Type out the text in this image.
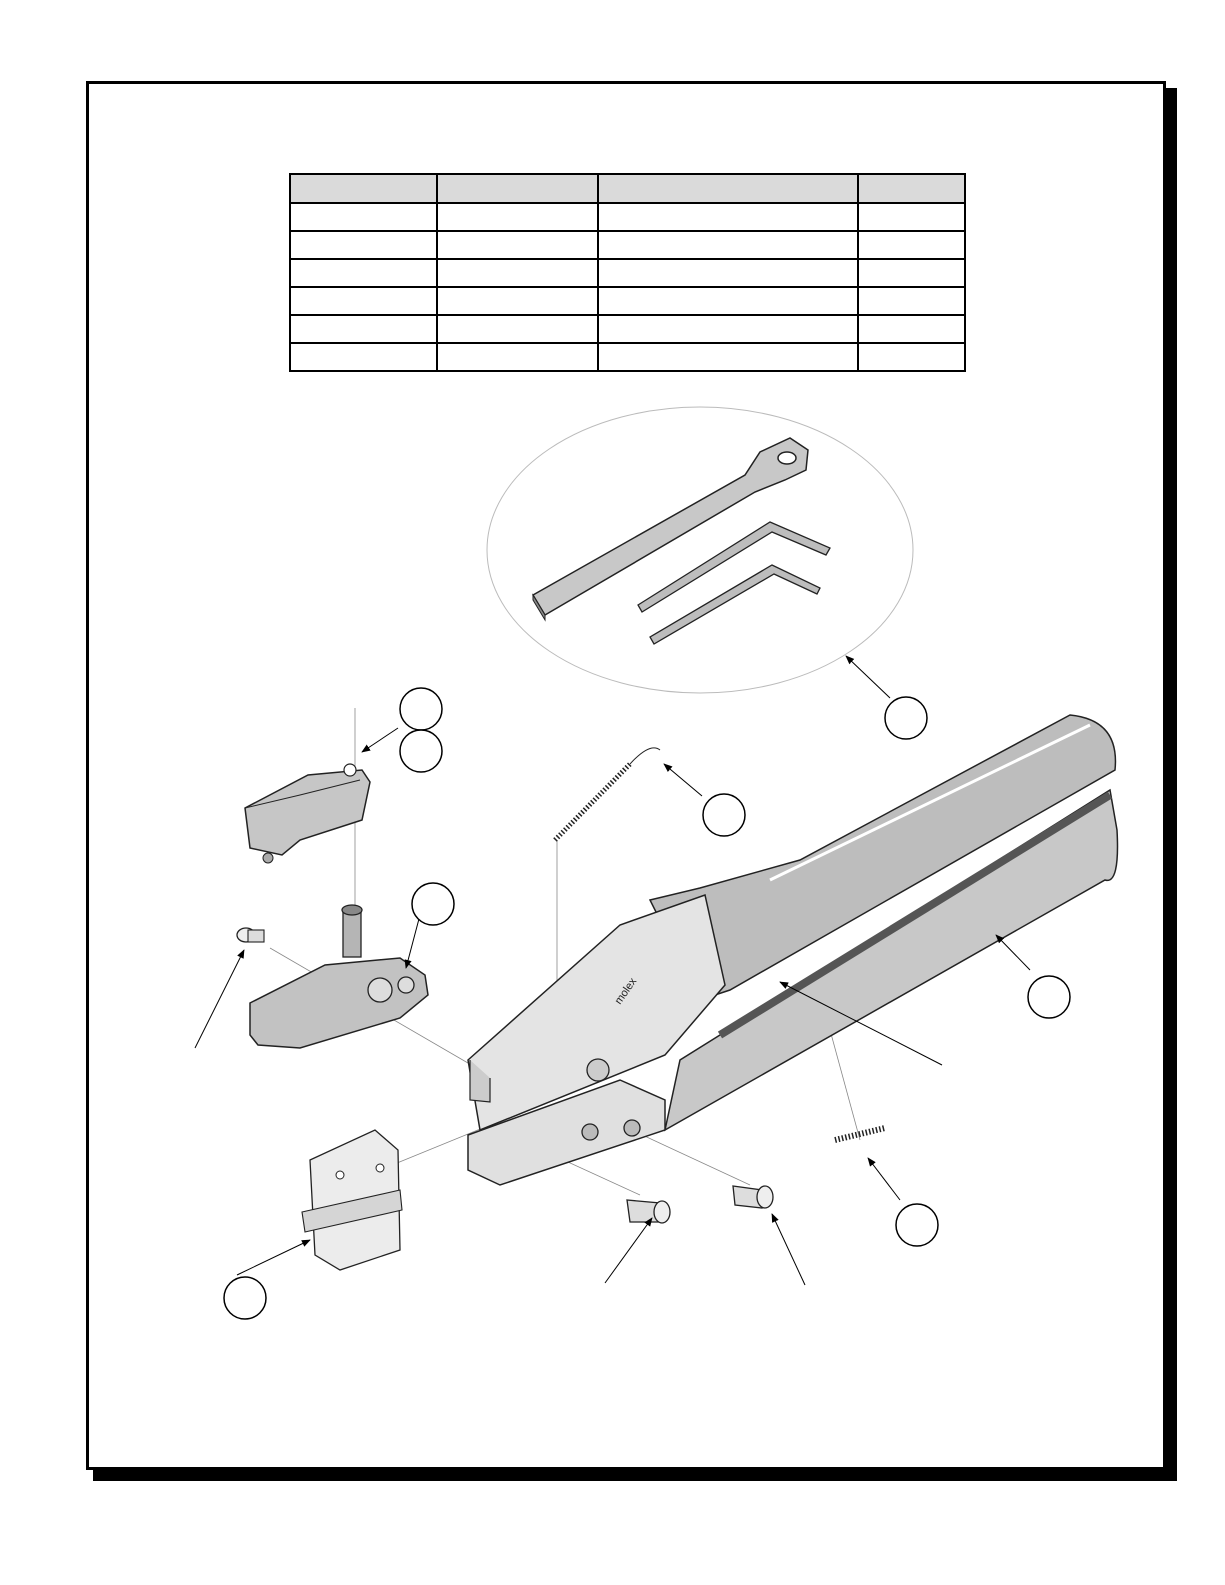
molex
